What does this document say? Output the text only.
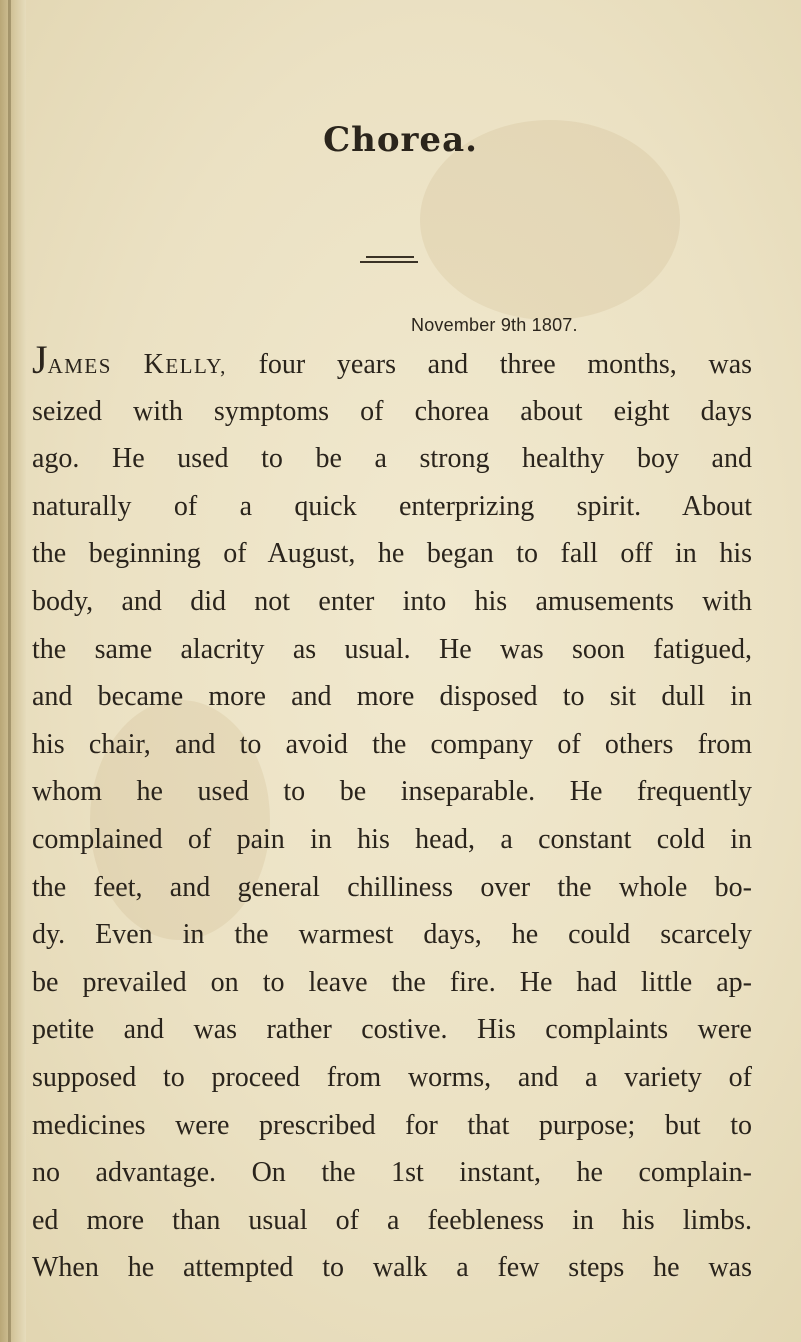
Chorea.
November 9th 1807.
JAMES KELLY, four years and three months, was
seized with symptoms of chorea about eight days
ago. He used to be a strong healthy boy and
naturally of a quick enterprizing spirit. About
the beginning of August, he began to fall off in his
body, and did not enter into his amusements with
the same alacrity as usual. He was soon fatigued,
and became more and more disposed to sit dull in
his chair, and to avoid the company of others from
whom he used to be inseparable. He frequently
complained of pain in his head, a constant cold in
the feet, and general chilliness over the whole bo-
dy. Even in the warmest days, he could scarcely
be prevailed on to leave the fire. He had little ap-
petite and was rather costive. His complaints were
supposed to proceed from worms, and a variety of
medicines were prescribed for that purpose; but to
no advantage. On the 1st instant, he complain-
ed more than usual of a feebleness in his limbs.
When he attempted to walk a few steps he was
